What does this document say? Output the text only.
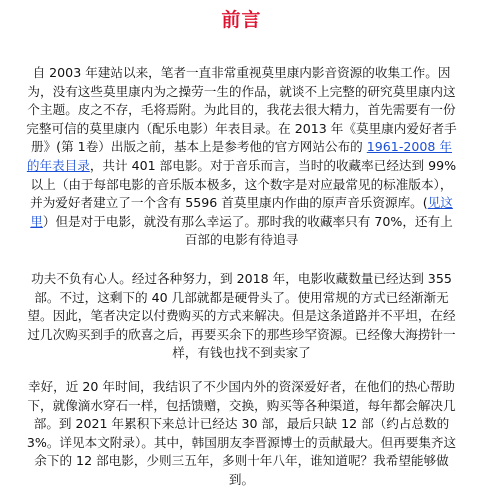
前言

自 2003 年建站以来，笔者一直非常重视莫里康内影音资源的收集工作。因为，没有这些莫里康内为之操劳一生的作品，就谈不上完整的研究莫里康内这个主题。皮之不存，毛将焉附。为此目的，我花去很大精力，首先需要有一份完整可信的莫里康内（配乐电影）年表目录。在 2013 年《莫里康内爱好者手册》(第 1卷）出版之前，基本上是参考他的官方网站公布的 1961-2008 年的年表目录，共计 401 部电影。对于音乐而言，当时的收藏率已经达到 99%以上（由于每部电影的音乐版本极多，这个数字是对应最常见的标准版本），并为爱好者建立了一个含有 5596 首莫里康内作曲的原声音乐资源库。(见这里）但是对于电影，就没有那么幸运了。那时我的收藏率只有 70%，还有上百部的电影有待追寻

功夫不负有心人。经过各种努力，到 2018 年，电影收藏数量已经达到 355 部。不过，这剩下的 40 几部就都是硬骨头了。使用常规的方式已经渐渐无望。因此，笔者决定以付费购买的方式来解决。但是这条道路并不平坦，在经过几次购买到手的欣喜之后，再要买余下的那些珍罕资源。已经像大海捞针一样，有钱也找不到卖家了

幸好，近 20 年时间，我结识了不少国内外的资深爱好者，在他们的热心帮助下，就像滴水穿石一样，包括馈赠，交换，购买等各种渠道，每年都会解决几部。到 2021 年累积下来总计已经达 30 部，最后只缺 12 部（约占总数的 3%。详见本文附录）。其中，韩国朋友李晋源博士的贡献最大。但再要集齐这余下的 12 部电影，少则三五年，多则十年八年，谁知道呢？我希望能够做到。
